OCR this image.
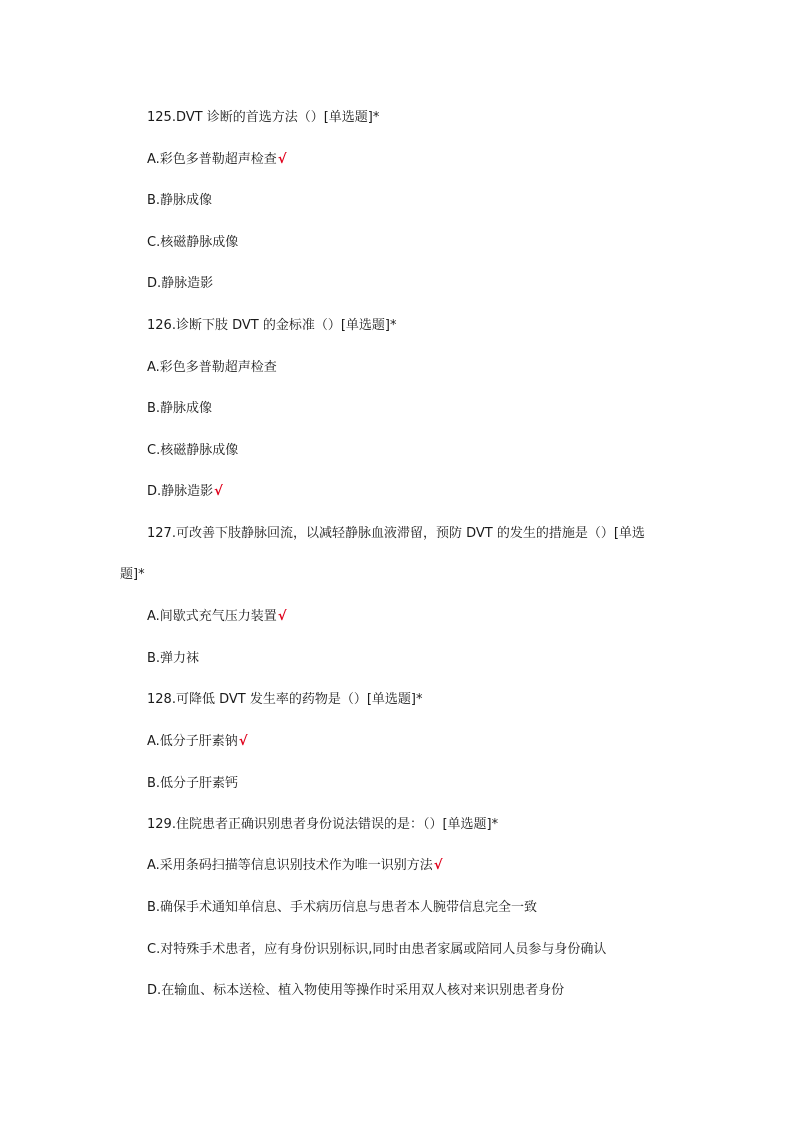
125.DVT 诊断的首选方法（）[单选题]*
A.彩色多普勒超声检查√
B.静脉成像
C.核磁静脉成像
D.静脉造影
126.诊断下肢 DVT 的金标准（）[单选题]*
A.彩色多普勒超声检查
B.静脉成像
C.核磁静脉成像
D.静脉造影√
127.可改善下肢静脉回流，以减轻静脉血液滞留，预防 DVT 的发生的措施是（）[单选
题]*
A.间歇式充气压力装置√
B.弹力袜
128.可降低 DVT 发生率的药物是（）[单选题]*
A.低分子肝素钠√
B.低分子肝素钙
129.住院患者正确识别患者身份说法错误的是：（）[单选题]*
A.采用条码扫描等信息识别技术作为唯一识别方法√
B.确保手术通知单信息、手术病历信息与患者本人腕带信息完全一致
C.对特殊手术患者，应有身份识别标识,同时由患者家属或陪同人员参与身份确认
D.在输血、标本送检、植入物使用等操作时采用双人核对来识别患者身份
